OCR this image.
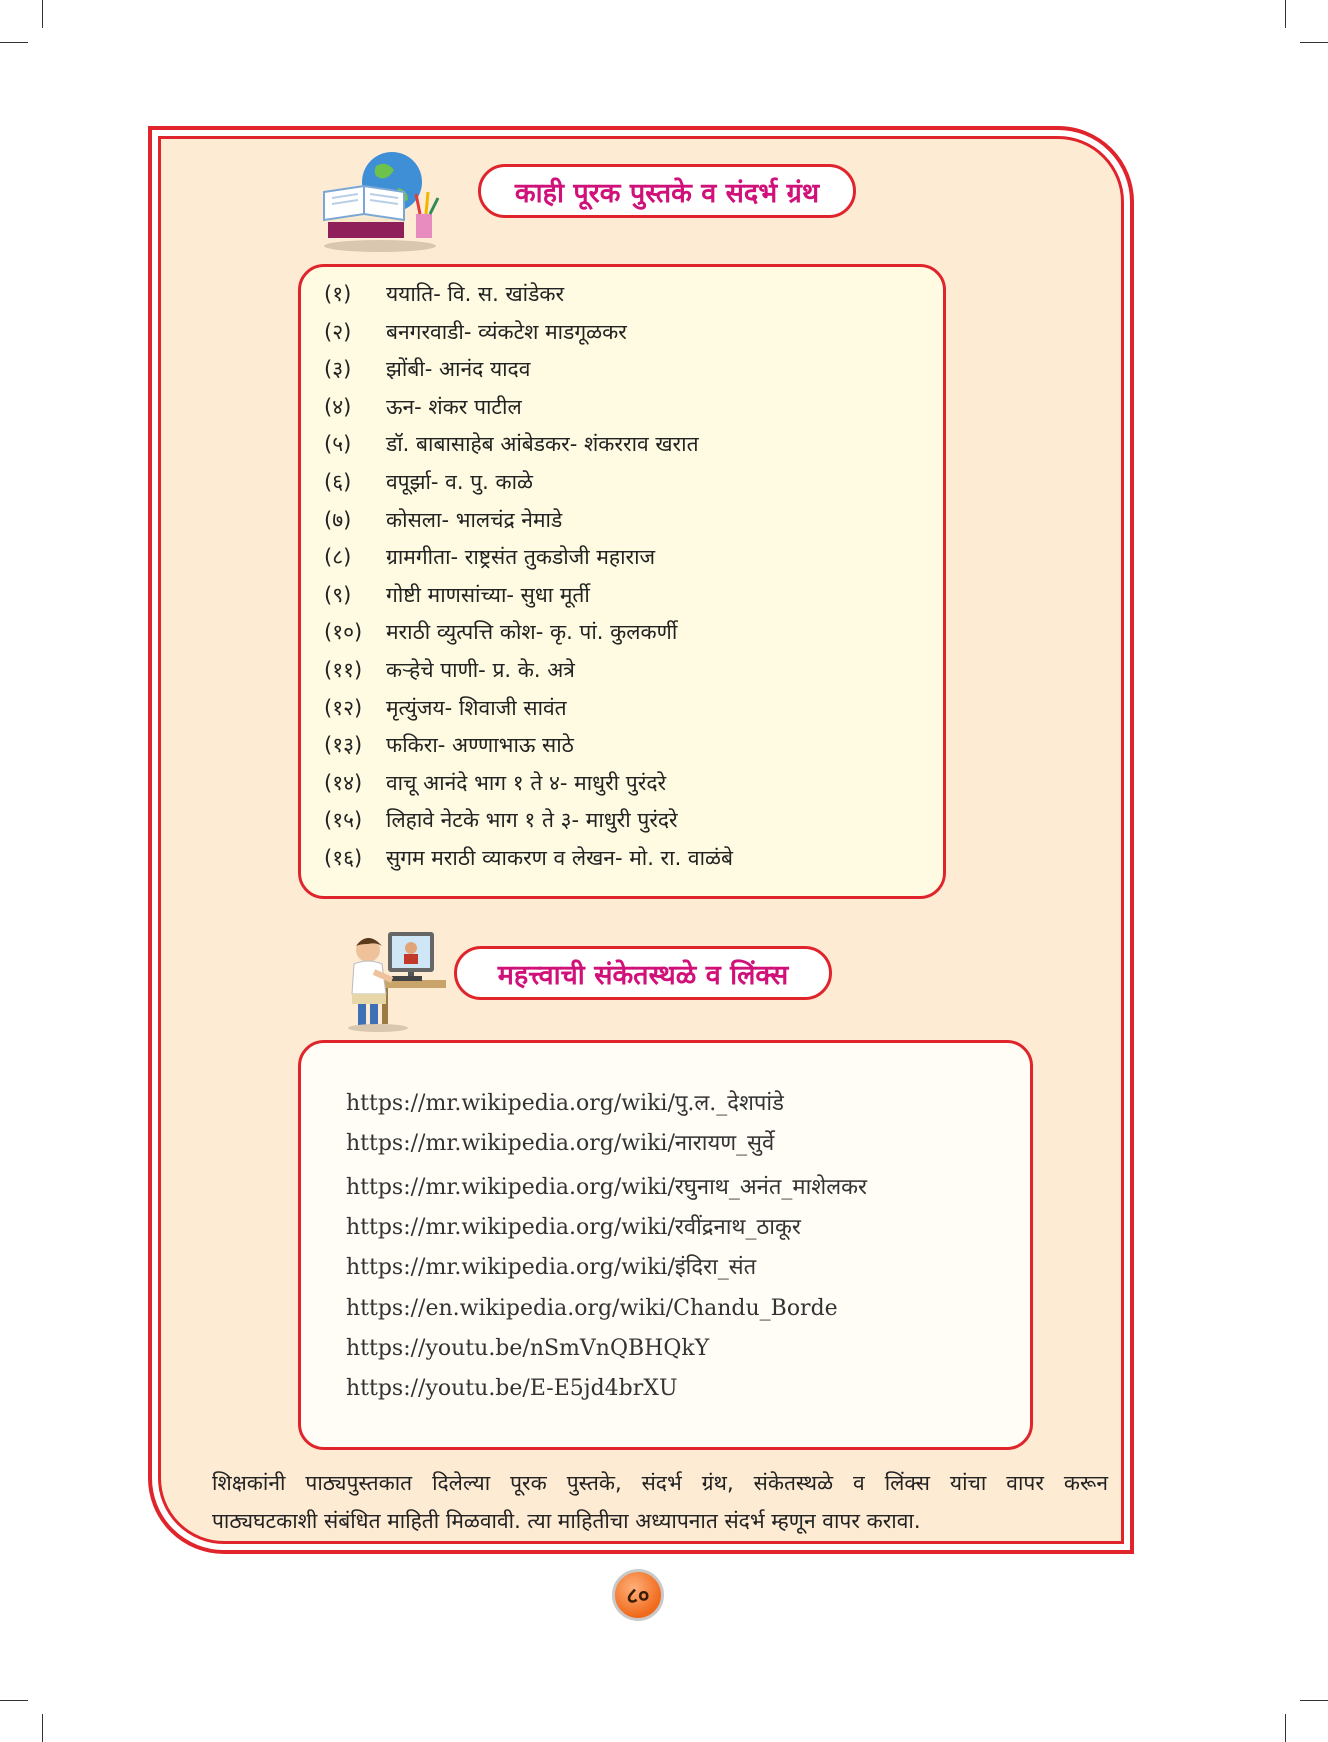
काही पूरक पुस्तके व संदर्भ ग्रंथ
(१)	ययाति- वि. स. खांडेकर
(२)	बनगरवाडी- व्यंकटेश माडगूळकर
(३)	झोंबी- आनंद यादव
(४)	ऊन- शंकर पाटील
(५)	डॉ. बाबासाहेब आंबेडकर- शंकरराव खरात
(६)	वपूर्झा- व. पु. काळे
(७)	कोसला- भालचंद्र नेमाडे
(८)	ग्रामगीता- राष्ट्रसंत तुकडोजी महाराज
(९)	गोष्टी माणसांच्या- सुधा मूर्ती
(१०)	मराठी व्युत्पत्ति कोश- कृ. पां. कुलकर्णी
(११)	कऱ्हेचे पाणी- प्र. के. अत्रे
(१२)	मृत्युंजय- शिवाजी सावंत
(१३)	फकिरा- अण्णाभाऊ साठे
(१४)	वाचू आनंदे भाग १ ते ४- माधुरी पुरंदरे
(१५)	लिहावे नेटके भाग १ ते ३- माधुरी पुरंदरे
(१६)	सुगम मराठी व्याकरण व लेखन- मो. रा. वाळंबे
महत्त्वाची संकेतस्थळे व लिंक्स
https://mr.wikipedia.org/wiki/पु.ल._देशपांडे
https://mr.wikipedia.org/wiki/नारायण_सुर्वे
https://mr.wikipedia.org/wiki/रघुनाथ_अनंत_माशेलकर
https://mr.wikipedia.org/wiki/रवींद्रनाथ_ठाकूर
https://mr.wikipedia.org/wiki/इंदिरा_संत
https://en.wikipedia.org/wiki/Chandu_Borde
https://youtu.be/nSmVnQBHQkY
https://youtu.be/E-E5jd4brXU
शिक्षकांनी पाठ्यपुस्तकात दिलेल्या पूरक पुस्तके, संदर्भ ग्रंथ, संकेतस्थळे व लिंक्स यांचा वापर करून
पाठ्यघटकाशी संबंधित माहिती मिळवावी. त्या माहितीचा अध्यापनात संदर्भ म्हणून वापर करावा.
८०
